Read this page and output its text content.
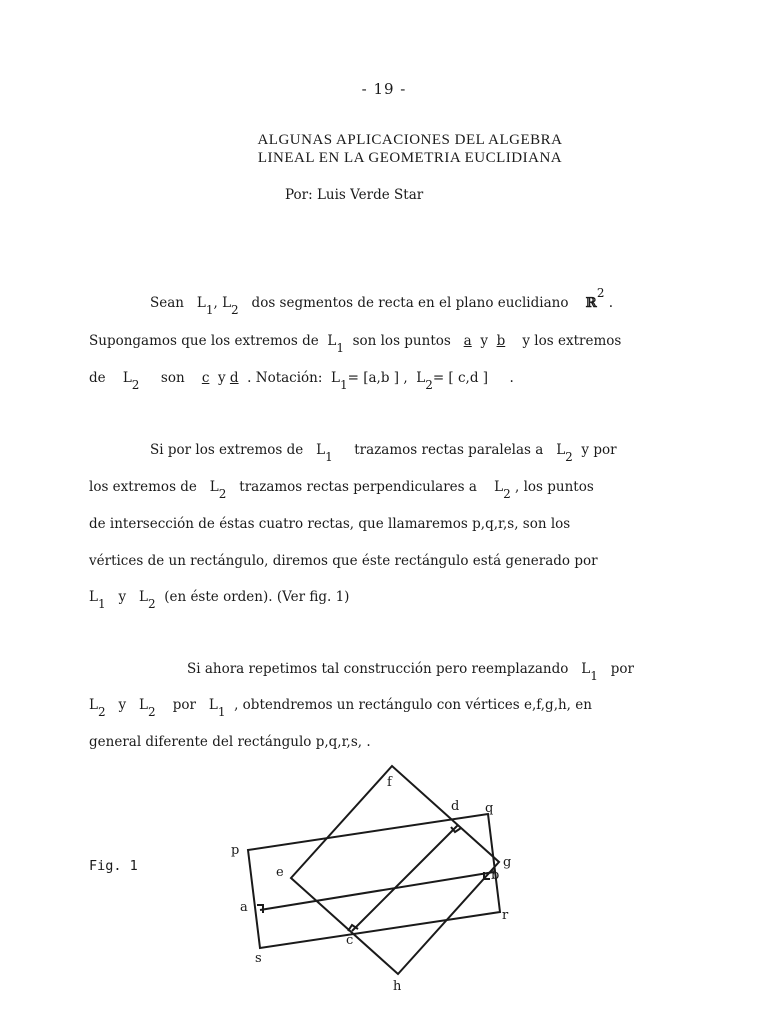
- 19 -
ALGUNAS APLICACIONES DEL ALGEBRA
LINEAL EN LA GEOMETRIA EUCLIDIANA
Por: Luis Verde Star
Sean L1, L2 dos segmentos de recta en el plano euclidiano ℝ2 .
Supongamos que los extremos de L1 son los puntos a y b y los extremos
de L2 son c y d . Notación: L1= [a,b ] , L2= [ c,d ] .
Si por los extremos de L1 trazamos rectas paralelas a L2 y por
los extremos de L2 trazamos rectas perpendiculares a L2 , los puntos
de intersección de éstas cuatro rectas, que llamaremos p,q,r,s, son los
vértices de un rectángulo, diremos que éste rectángulo está generado por
L1 y L2 (en éste orden). (Ver fig. 1)
Si ahora repetimos tal construcción pero reemplazando L1 por
L2 y L2 por L1 , obtendremos un rectángulo con vértices e,f,g,h, en
general diferente del rectángulo p,q,r,s, .
Fig. 1
f
d q
p
e
g
b
a
r
c
s
h
